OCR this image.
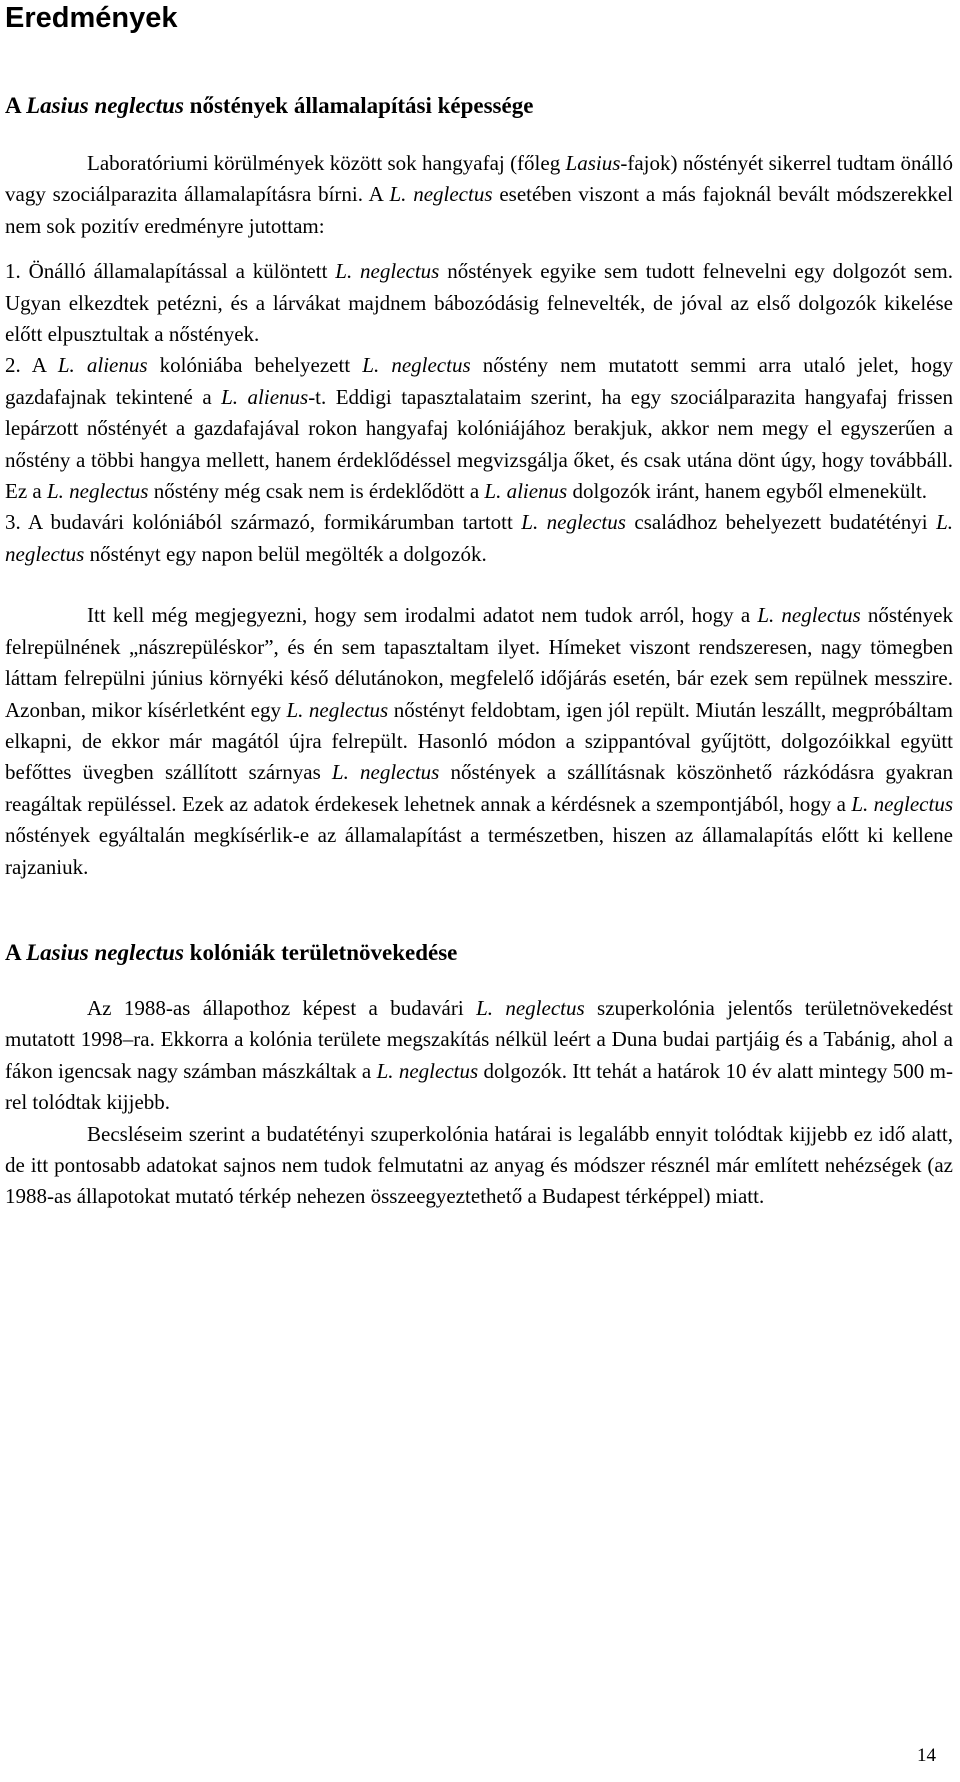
Eredmények
A Lasius neglectus nőstények államalapítási képessége

Laboratóriumi körülmények között sok hangyafaj (főleg Lasius-fajok) nőstényét sikerrel tudtam önálló vagy szociálparazita államalapításra bírni. A L. neglectus esetében viszont a más fajoknál bevált módszerekkel nem sok pozitív eredményre jutottam:

1. Önálló államalapítással a különtett L. neglectus nőstények egyike sem tudott felnevelni egy dolgozót sem. Ugyan elkezdtek petézni, és a lárvákat majdnem bábozódásig felnevelték, de jóval az első dolgozók kikelése előtt elpusztultak a nőstények.

2. A L. alienus kolóniába behelyezett L. neglectus nőstény nem mutatott semmi arra utaló jelet, hogy gazdafajnak tekintené a L. alienus-t. Eddigi tapasztalataim szerint, ha egy szociálparazita hangyafaj frissen lepárzott nőstényét a gazdafajával rokon hangyafaj kolóniájához berakjuk, akkor nem megy el egyszerűen a nőstény a többi hangya mellett, hanem érdeklődéssel megvizsgálja őket, és csak utána dönt úgy, hogy továbbáll. Ez a L. neglectus nőstény még csak nem is érdeklődött a L. alienus dolgozók iránt, hanem egyből elmenekült.

3. A budavári kolóniából származó, formikárumban tartott L. neglectus családhoz behelyezett budatétényi L. neglectus nőstényt egy napon belül megölték a dolgozók.

Itt kell még megjegyezni, hogy sem irodalmi adatot nem tudok arról, hogy a L. neglectus nőstények felrepülnének „nászrepüléskor”, és én sem tapasztaltam ilyet. Hímeket viszont rendszeresen, nagy tömegben láttam felrepülni június környéki késő délutánokon, megfelelő időjárás esetén, bár ezek sem repülnek messzire. Azonban, mikor kísérletként egy L. neglectus nőstényt feldobtam, igen jól repült. Miután leszállt, megpróbáltam elkapni, de ekkor már magától újra felrepült. Hasonló módon a szippantóval gyűjtött, dolgozóikkal együtt befőttes üvegben szállított szárnyas L. neglectus nőstények a szállításnak köszönhető rázkódásra gyakran reagáltak repüléssel. Ezek az adatok érdekesek lehetnek annak a kérdésnek a szempontjából, hogy a L. neglectus nőstények egyáltalán megkísérlik-e az államalapítást a természetben, hiszen az államalapítás előtt ki kellene rajzaniuk.

A Lasius neglectus kolóniák területnövekedése

Az 1988-as állapothoz képest a budavári L. neglectus szuperkolónia jelentős területnövekedést mutatott 1998–ra. Ekkorra a kolónia területe megszakítás nélkül leért a Duna budai partjáig és a Tabánig, ahol a fákon igencsak nagy számban mászkáltak a L. neglectus dolgozók. Itt tehát a határok 10 év alatt mintegy 500 m-rel tolódtak kijjebb.

Becsléseim szerint a budatétényi szuperkolónia határai is legalább ennyit tolódtak kijjebb ez idő alatt, de itt pontosabb adatokat sajnos nem tudok felmutatni az anyag és módszer résznél már említett nehézségek (az 1988-as állapotokat mutató térkép nehezen összeegyeztethető a Budapest térképpel) miatt.

14
